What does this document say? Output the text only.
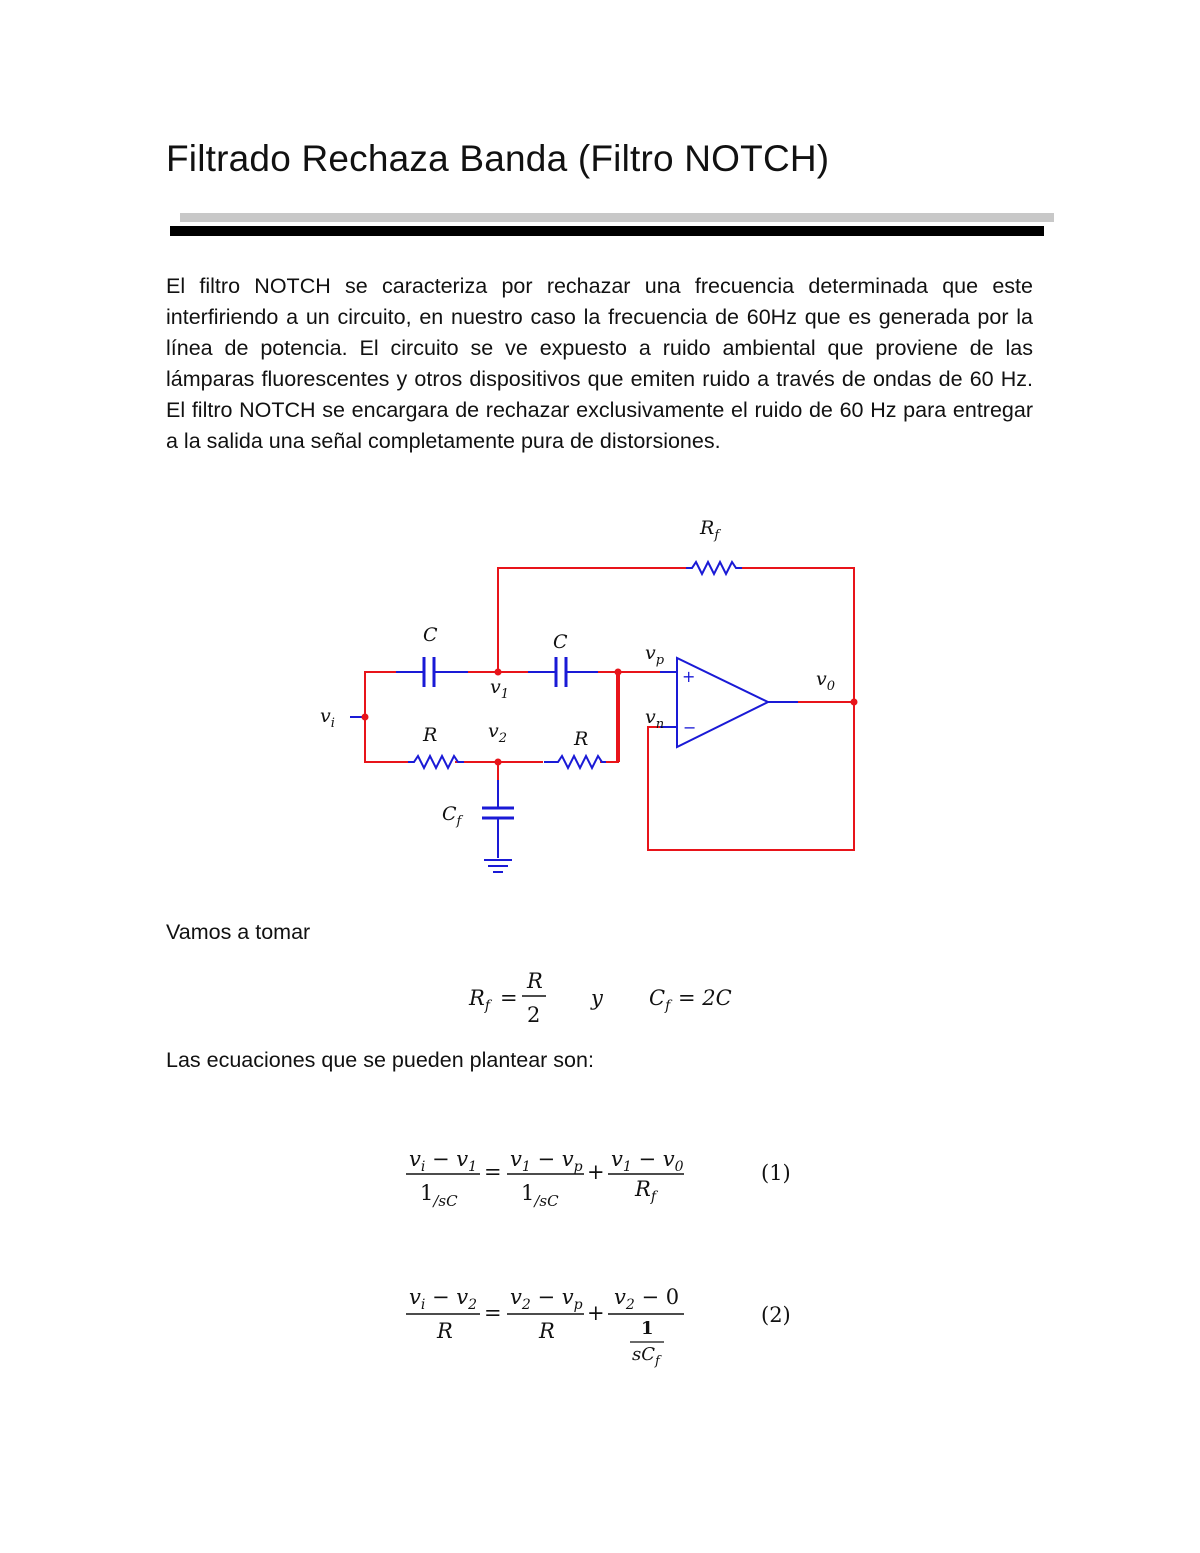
Filtrado Rechaza Banda (Filtro NOTCH)

El filtro NOTCH se caracteriza por rechazar una frecuencia determinada que este interfiriendo a un circuito, en nuestro caso la frecuencia de 60Hz que es generada por la línea de potencia. El circuito se ve expuesto a ruido ambiental que proviene de las lámparas fluorescentes y otros dispositivos que emiten ruido a través de ondas de 60 Hz. El filtro NOTCH se encargara de rechazar exclusivamente el ruido de 60 Hz para entregar a la salida una señal completamente pura de distorsiones.

$R_f$
C	C	$v_p$
$v_0$
$v_i$
$v_1$
$v_n$
R	$v_2$	R
$C_f$
+
−

Vamos a tomar

$R_f$ =
R
2
y $C_f = 2C$
$v_i - v_1$
$1_{/sC}$
=
$v_1 - v_p$
$1_{/sC}$
+
$v_1 - v_0$
$R_f$
(1)
$v_i - v_2$
R
=
$v_2 - v_p$
R
+
$v_2 - 0$
1
$sC_f$
(2)

Las ecuaciones que se pueden plantear son:
